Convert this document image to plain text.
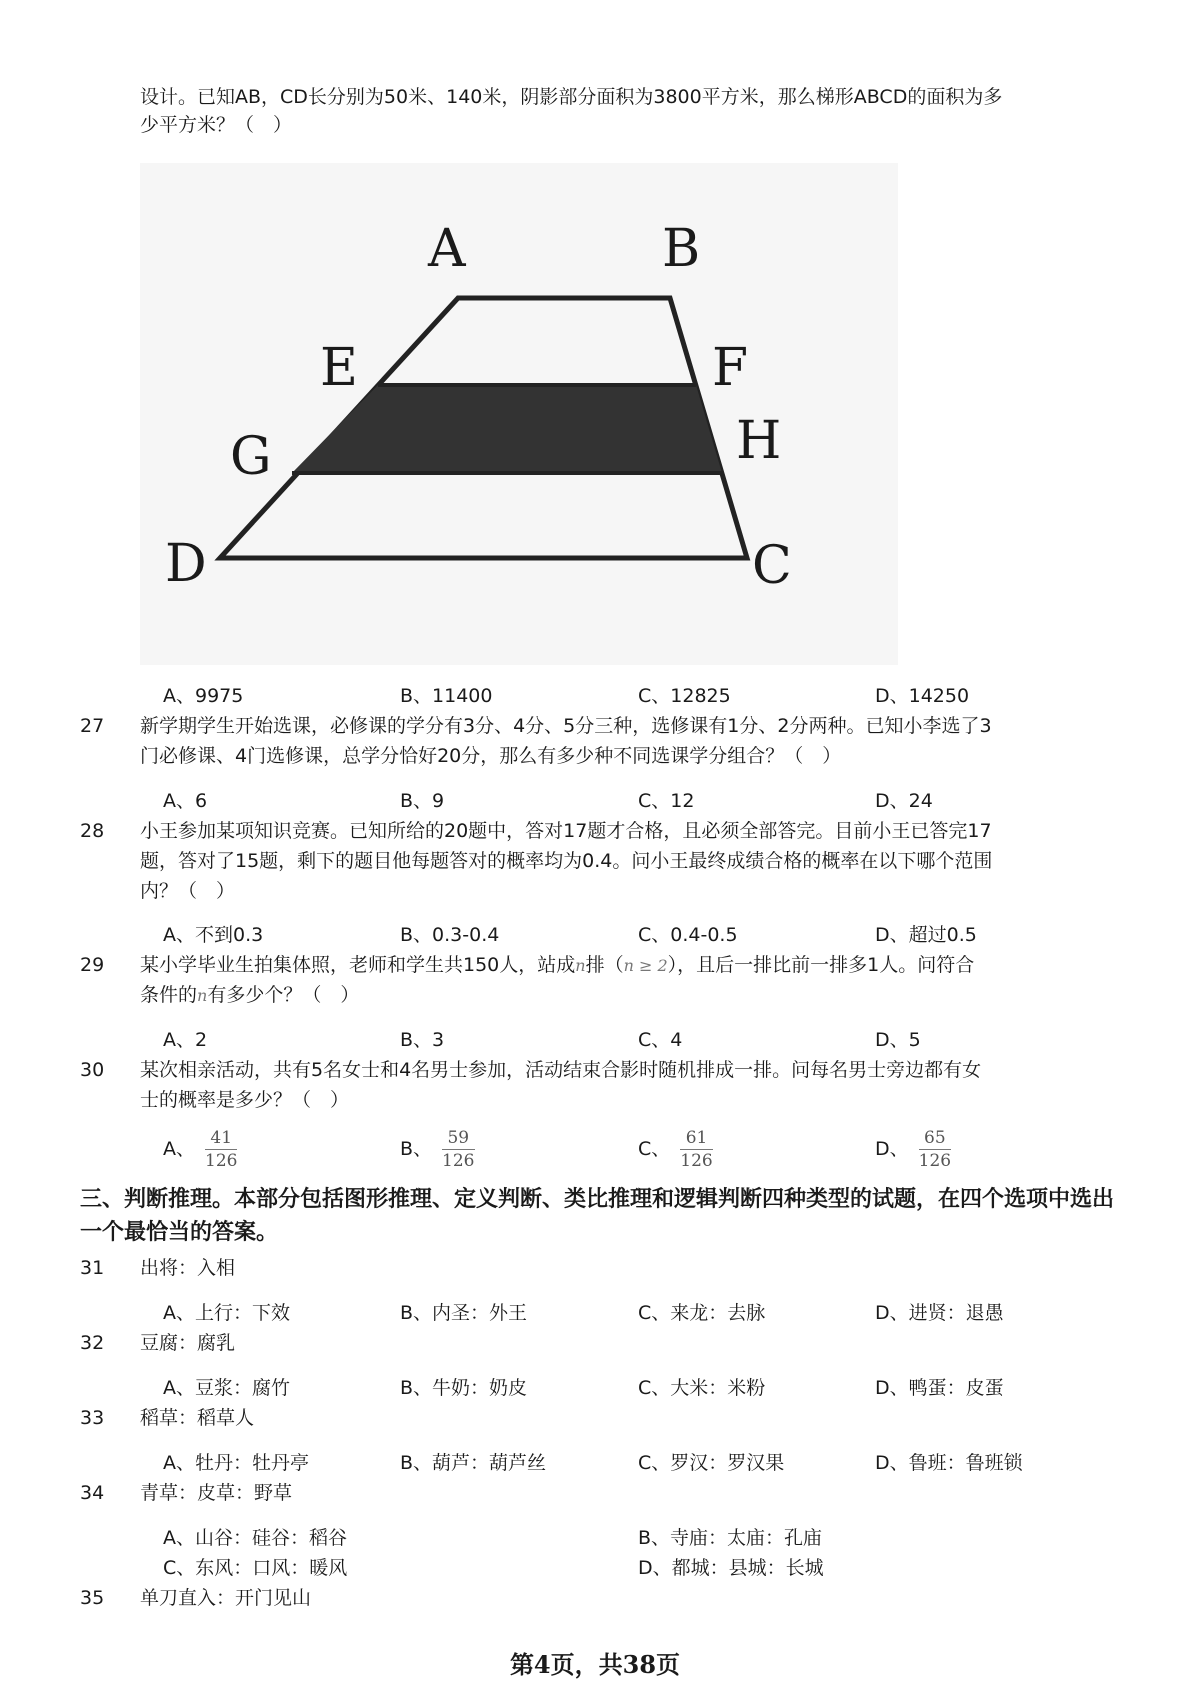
设计。已知AB，CD长分别为50米、140米，阴影部分面积为3800平方米，那么梯形ABCD的面积为多
少平方米？（　）
A	B
E	F
G	H
D	C
A、9975	B、11400	C、12825	D、14250
27 新学期学生开始选课，必修课的学分有3分、4分、5分三种，选修课有1分、2分两种。已知小李选了3
门必修课、4门选修课，总学分恰好20分，那么有多少种不同选课学分组合？（　）
A、6	B、9	C、12	D、24
28 小王参加某项知识竞赛。已知所给的20题中，答对17题才合格，且必须全部答完。目前小王已答完17
题，答对了15题，剩下的题目他每题答对的概率均为0.4。问小王最终成绩合格的概率在以下哪个范围
内？（　）
A、不到0.3	B、0.3-0.4	C、0.4-0.5	D、超过0.5
29 某小学毕业生拍集体照，老师和学生共150人，站成n排（n ≥ 2），且后一排比前一排多1人。问符合
条件的n有多少个？（　）
A、2	B、3	C、4	D、5
30 某次相亲活动，共有5名女士和4名男士参加，活动结束合影时随机排成一排。问每名男士旁边都有女
士的概率是多少？（　）
A、 $\frac{41}{126}$	B、 $\frac{59}{126}$	C、 $\frac{61}{126}$	D、 $\frac{65}{126}$
三、判断推理。本部分包括图形推理、定义判断、类比推理和逻辑判断四种类型的试题，在四个选项中选出一个最恰当的答案。
31 出将：入相
A、上行：下效	B、内圣：外王	C、来龙：去脉	D、进贤：退愚
32 豆腐：腐乳
A、豆浆：腐竹	B、牛奶：奶皮	C、大米：米粉	D、鸭蛋：皮蛋
33 稻草：稻草人
A、牡丹：牡丹亭	B、葫芦：葫芦丝	C、罗汉：罗汉果	D、鲁班：鲁班锁
34 青草：皮草：野草
A、山谷：硅谷：稻谷	B、寺庙：太庙：孔庙
C、东风：口风：暖风	D、都城：县城：长城
35 单刀直入：开门见山
第4页，共38页
